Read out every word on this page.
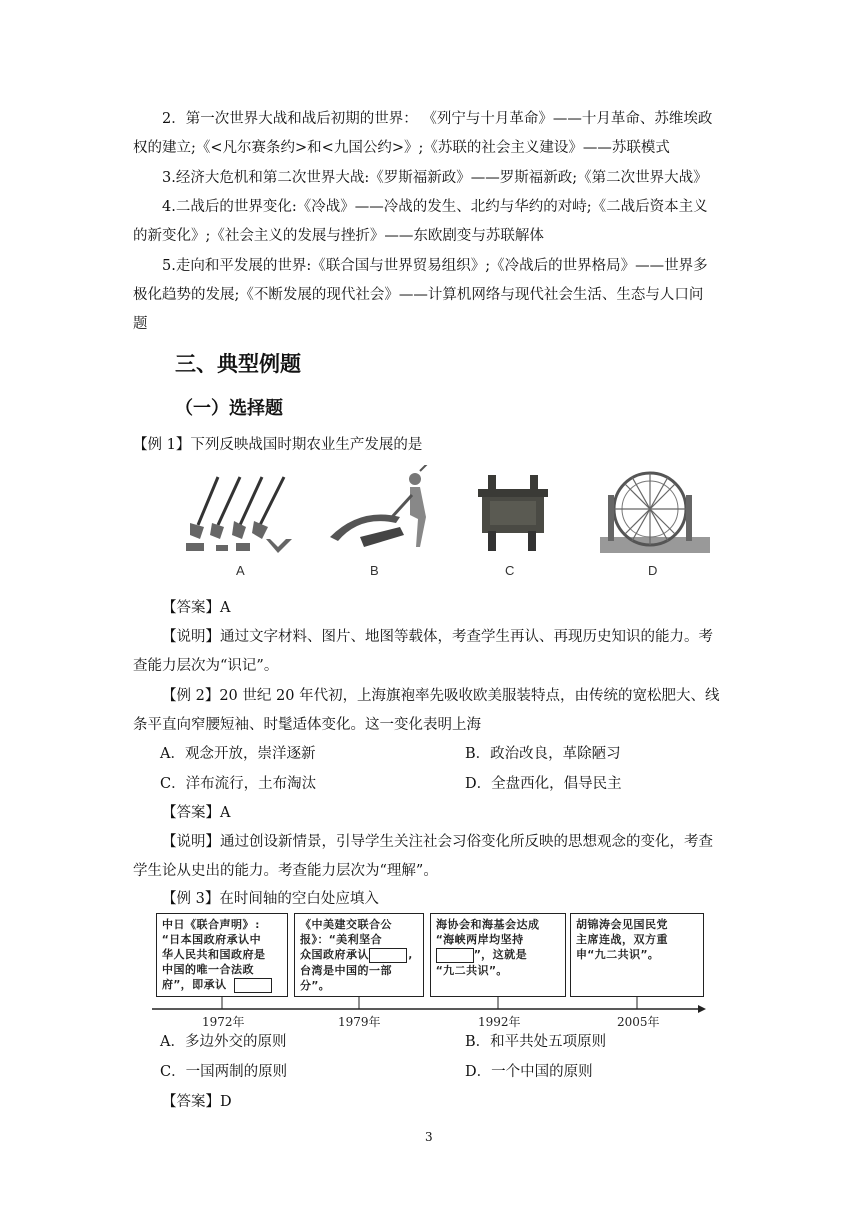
2．第一次世界大战和战后初期的世界： 《列宁与十月革命》——十月革命、苏维埃政

权的建立;《<凡尔赛条约>和<九国公约>》;《苏联的社会主义建设》——苏联模式

3.经济大危机和第二次世界大战:《罗斯福新政》——罗斯福新政;《第二次世界大战》

4.二战后的世界变化:《冷战》——冷战的发生、北约与华约的对峙;《二战后资本主义

的新变化》;《社会主义的发展与挫折》——东欧剧变与苏联解体

5.走向和平发展的世界:《联合国与世界贸易组织》;《冷战后的世界格局》——世界多

极化趋势的发展;《不断发展的现代社会》——计算机网络与现代社会生活、生态与人口问

题

三、典型例题
（一）选择题

【例 1】下列反映战国时期农业生产发展的是

A	B	C	D

【答案】A

【说明】通过文字材料、图片、地图等载体，考查学生再认、再现历史知识的能力。考

查能力层次为“识记”。

【例 2】20 世纪 20 年代初，上海旗袍率先吸收欧美服装特点，由传统的宽松肥大、线

条平直向窄腰短袖、时髦适体变化。这一变化表明上海

A．观念开放，崇洋逐新	B．政治改良，革除陋习
C．洋布流行，土布淘汰	D．全盘西化，倡导民主

【答案】A

【说明】通过创设新情景，引导学生关注社会习俗变化所反映的思想观念的变化，考查

学生论从史出的能力。考查能力层次为“理解”。

【例 3】在时间轴的空白处应填入

中日《联合声明》:
“日本国政府承认中
华人民共和国政府是
中国的唯一合法政
府”，即承认
《中美建交联合公
报》：“美利坚合
众国政府承认	,
台湾是中国的一部
分”。
海协会和海基会达成
“海峡两岸均坚持
”，这就是
“九二共识”。
胡锦涛会见国民党
主席连战，双方重
申“九二共识”。
1972年	1979年	1992年	2005年
A．多边外交的原则	B．和平共处五项原则
C．一国两制的原则	D．一个中国的原则

【答案】D

3
